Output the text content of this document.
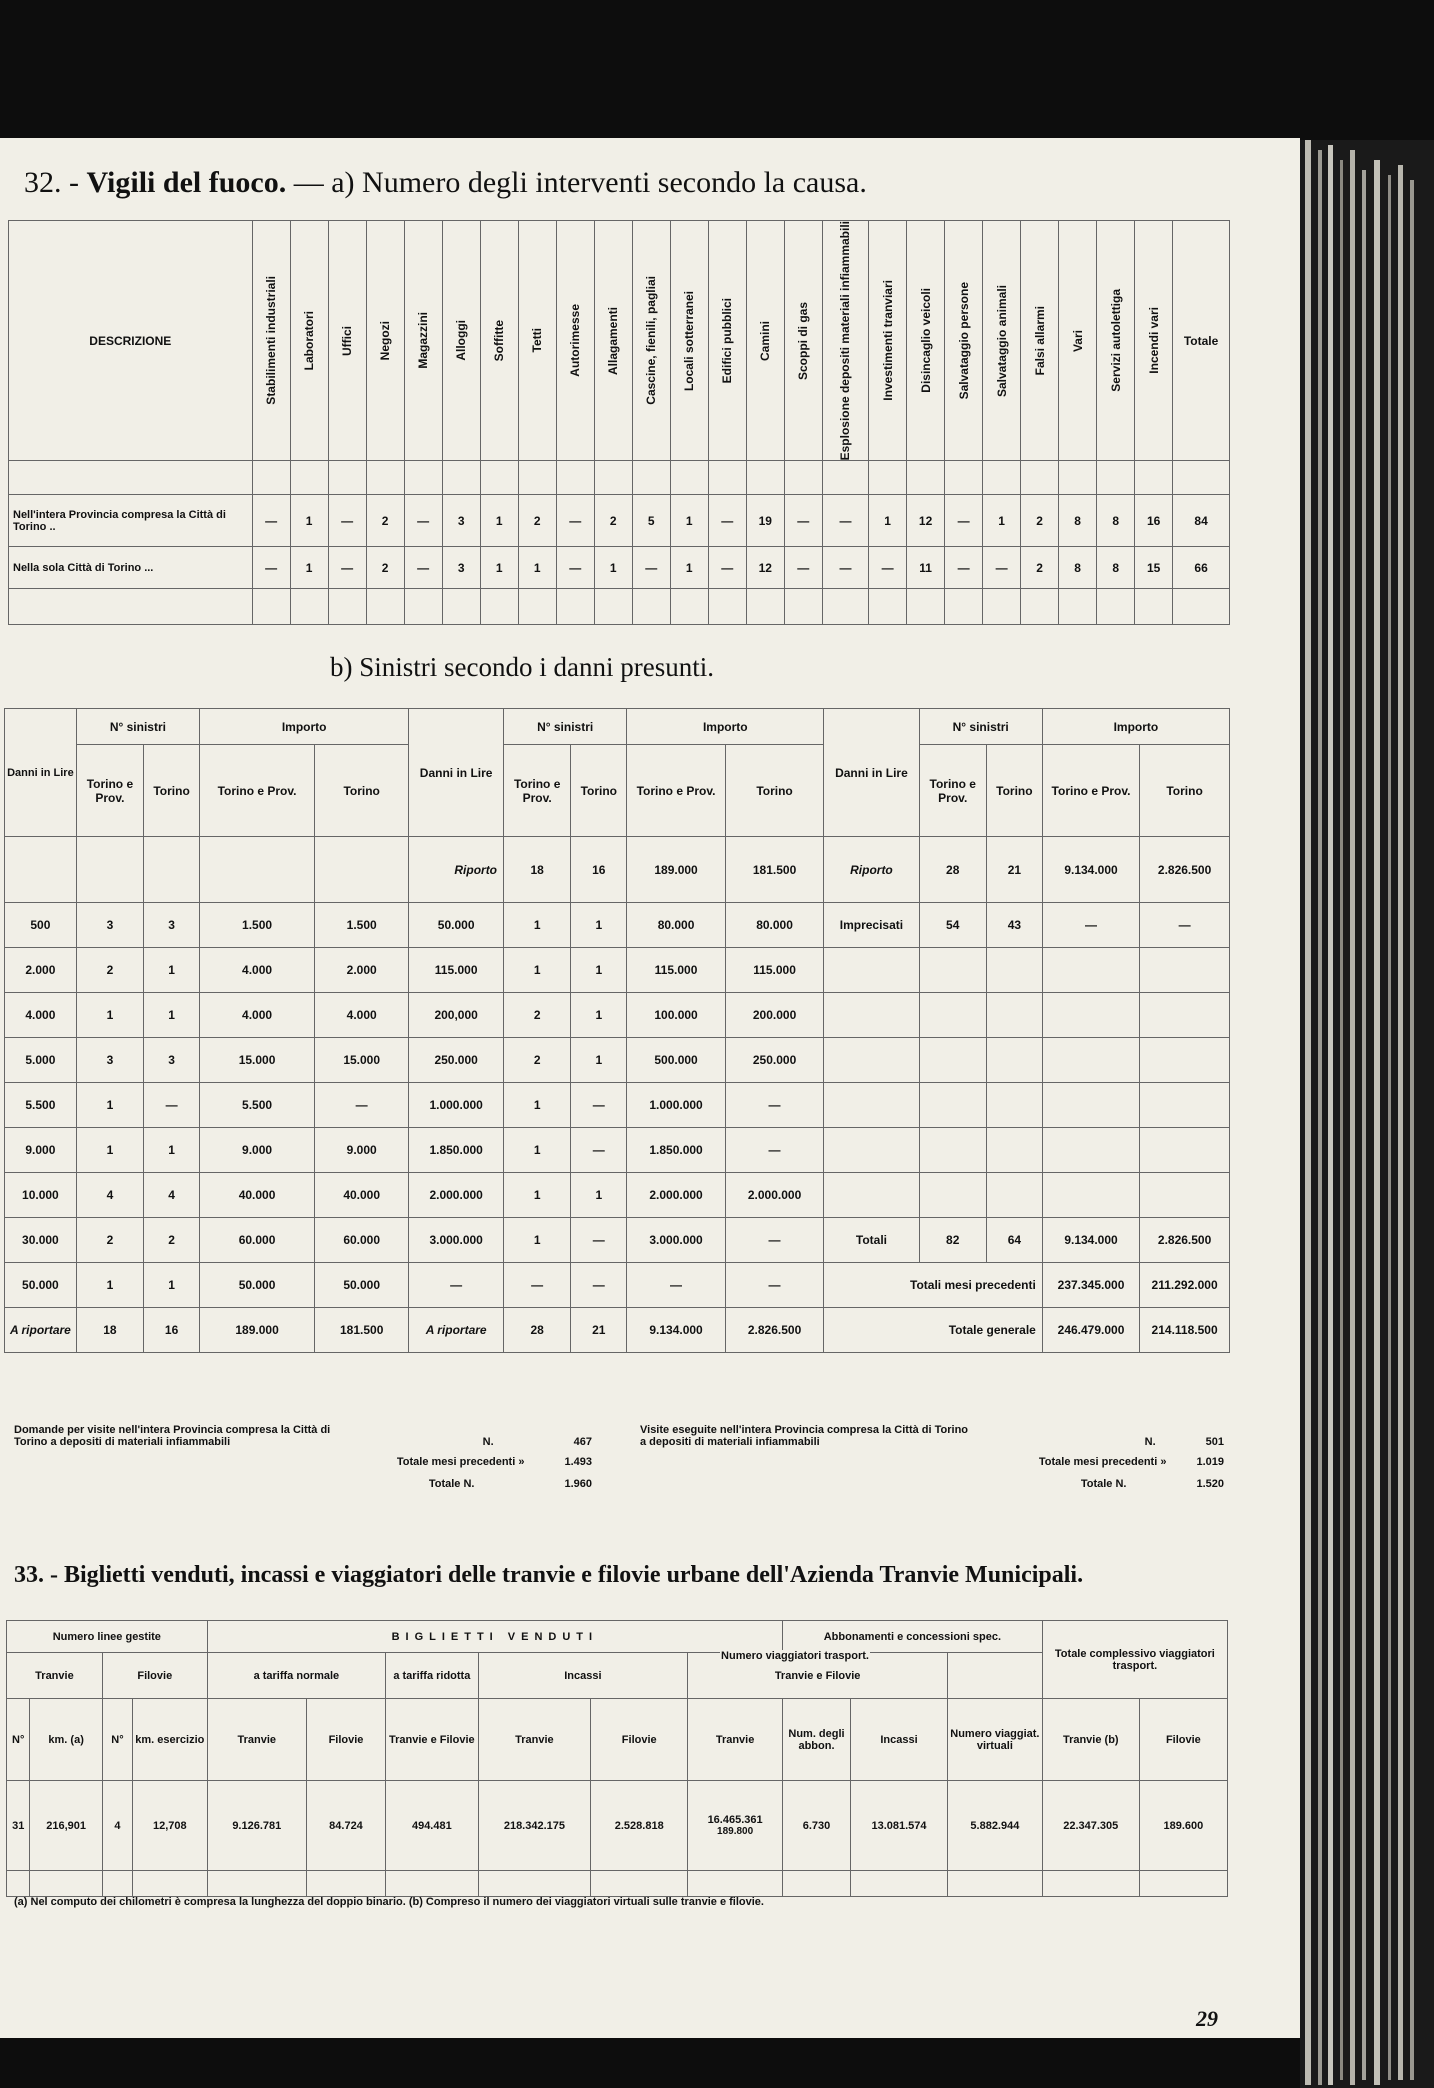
32. - Vigili del fuoco. — a) Numero degli interventi secondo la causa.
DESCRIZIONE	Stabilimenti industriali	Laboratori	Uffici	Negozi	Magazzini	Alloggi	Soffitte	Tetti	Autorimesse	Allagamenti	Cascine, fienili, pagliai	Locali sotterranei	Edifici pubblici	Camini	Scoppi di gas	Esplosione depositi materiali infiammabili	Investimenti tranviari	Disincaglio veicoli	Salvataggio persone	Salvataggio animali	Falsi allarmi	Vari	Servizi autolettiga	Incendi vari	Totale

Nell'intera Provincia compresa la Città di Torino ..	—	1	—	2	—	3	1	2	—	2	5	1	—	19	—	—	1	12	—	1	2	8	8	16	84
Nella sola Città di Torino ...	—	1	—	2	—	3	1	1	—	1	—	1	—	12	—	—	—	11	—	—	2	8	8	15	66

b) Sinistri secondo i danni presunti.
Danni in Lire	N° sinistri		Importo		Danni in Lire	N° sinistri		Importo		Danni in Lire	N° sinistri		Importo	
	Torino e Prov.	Torino	Torino e Prov.	Torino		Torino e Prov.	Torino	Torino e Prov.	Torino		Torino e Prov.	Torino	Torino e Prov.	Torino
					Riporto	18	16	189.000	181.500	Riporto	28	21	9.134.000	2.826.500
500	3	3	1.500	1.500	50.000	1	1	80.000	80.000	Imprecisati	54	43	—	—
2.000	2	1	4.000	2.000	115.000	1	1	115.000	115.000					
4.000	1	1	4.000	4.000	200,000	2	1	100.000	200.000					
5.000	3	3	15.000	15.000	250.000	2	1	500.000	250.000					
5.500	1	—	5.500	—	1.000.000	1	—	1.000.000	—					
9.000	1	1	9.000	9.000	1.850.000	1	—	1.850.000	—					
10.000	4	4	40.000	40.000	2.000.000	1	1	2.000.000	2.000.000					
30.000	2	2	60.000	60.000	3.000.000	1	—	3.000.000	—	Totali	82	64	9.134.000	2.826.500
50.000	1	1	50.000	50.000	—	—	—	—	—	Totali mesi precedenti			237.345.000	211.292.000
A riportare	18	16	189.000	181.500	A riportare	28	21	9.134.000	2.826.500	Totale generale			246.479.000	214.118.500
Domande per visite nell'intera Provincia compresa la Città di
Torino a depositi di materiali infiammabili	N.	467
Totale mesi precedenti »	1.493
Totale N.	1.960
Visite eseguite nell'intera Provincia compresa la Città di Torino
a depositi di materiali infiammabili	N.	501
Totale mesi precedenti »	1.019
Totale N.	1.520
33. - Biglietti venduti, incassi e viaggiatori delle tranvie e filovie urbane dell'Azienda Tranvie Municipali.
Numero linee gestite				BIGLIETTI VENDUTI						Abbonamenti e concessioni spec.			Totale complessivo viaggiatori trasport.	
Tranvie		Filovie		a tariffa normale		a tariffa ridotta	Incassi		Tranvie e Filovie					
N°	km. (a)	N°	km. esercizio	Tranvie	Filovie	Tranvie e Filovie	Tranvie	Filovie	Tranvie	Num. degli abbon.	Incassi	Numero viaggiat. virtuali	Tranvie (b)	Filovie
31	216,901	4	12,708	9.126.781	84.724	494.481	218.342.175	2.528.818	16.465.361
189.800	6.730	13.081.574	5.882.944	22.347.305	189.600

Numero viaggiatori trasport.
(a) Nel computo dei chilometri è compresa la lunghezza del doppio binario. (b) Compreso il numero dei viaggiatori virtuali sulle tranvie e filovie.
29
